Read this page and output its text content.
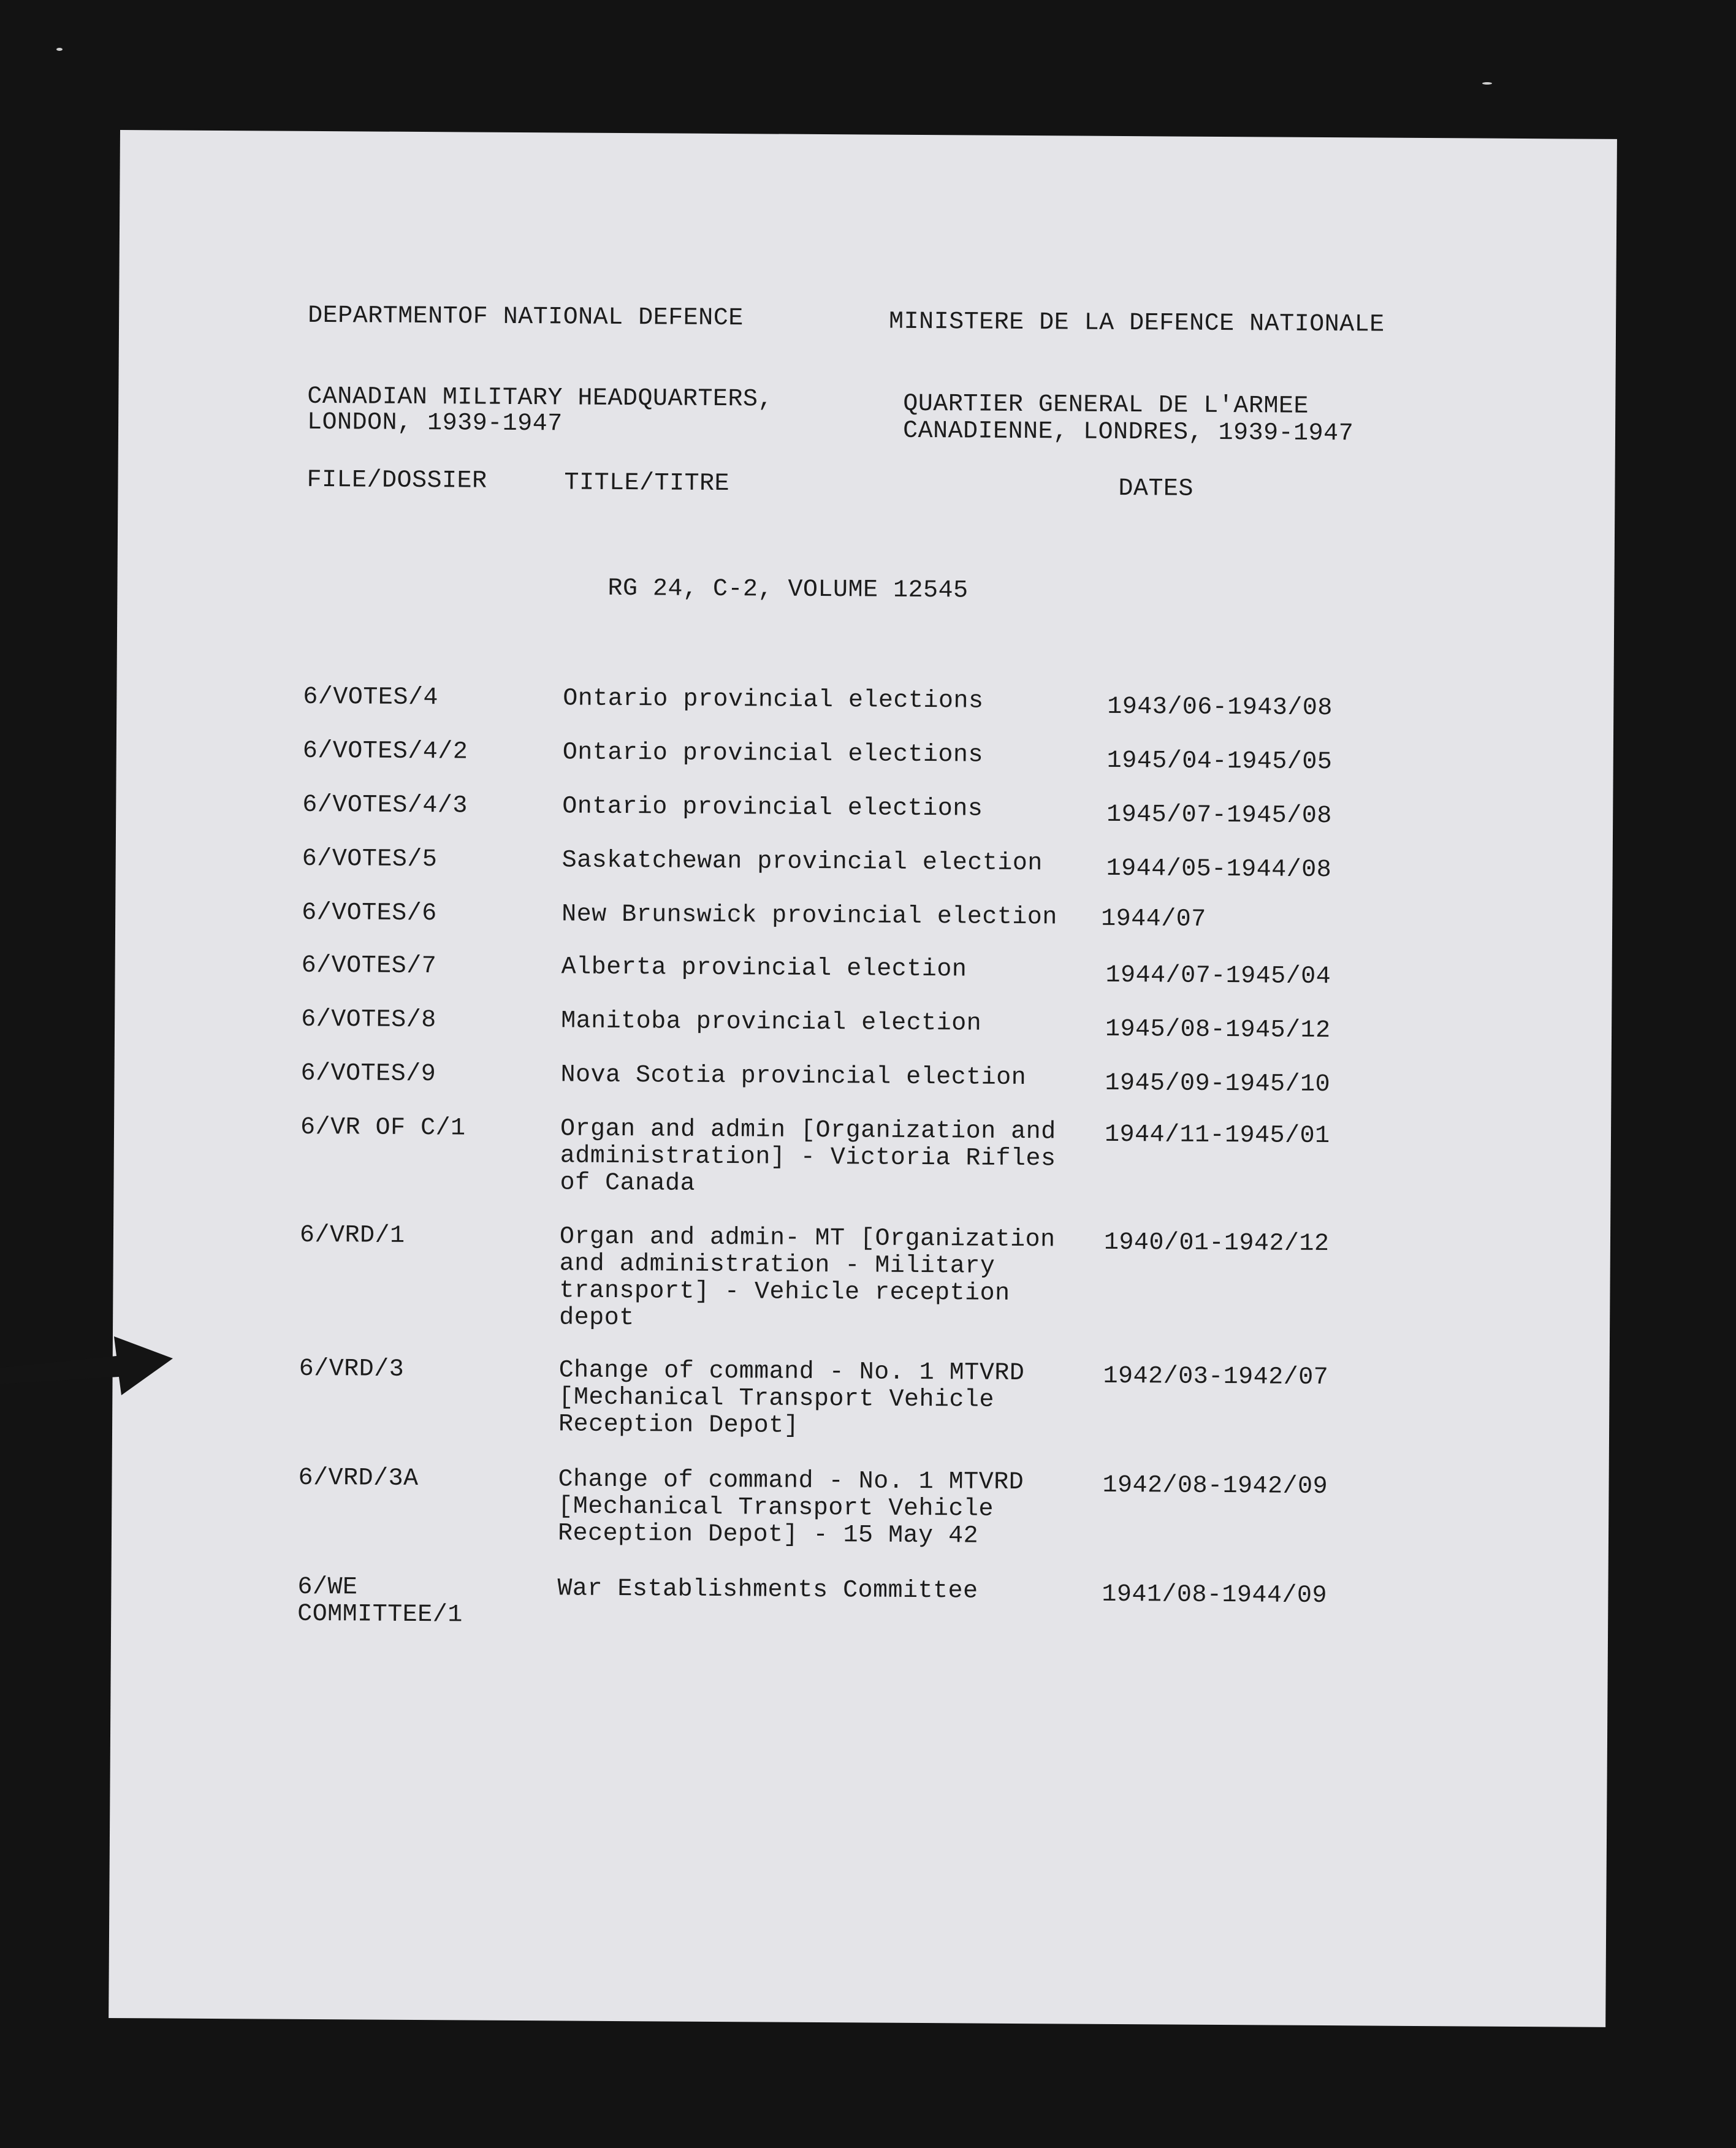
DEPARTMENTOF NATIONAL DEFENCE	MINISTERE DE LA DEFENCE NATIONALE
CANADIAN MILITARY HEADQUARTERS,
LONDON, 1939-1947
QUARTIER GENERAL DE L'ARMEE
CANADIENNE, LONDRES, 1939-1947
FILE/DOSSIER	TITLE/TITRE	DATES
RG 24, C-2, VOLUME 12545
6/VOTES/4	Ontario provincial elections	1943/06-1943/08
6/VOTES/4/2	Ontario provincial elections	1945/04-1945/05
6/VOTES/4/3	Ontario provincial elections	1945/07-1945/08
6/VOTES/5	Saskatchewan provincial election	1944/05-1944/08
6/VOTES/6	New Brunswick provincial election	1944/07
6/VOTES/7	Alberta provincial election	1944/07-1945/04
6/VOTES/8	Manitoba provincial election	1945/08-1945/12
6/VOTES/9	Nova Scotia provincial election	1945/09-1945/10
6/VR OF C/1	Organ and admin [Organization and
administration] - Victoria Rifles
of Canada
1944/11-1945/01
6/VRD/1	Organ and admin- MT [Organization
and administration - Military
transport] - Vehicle reception
depot
1940/01-1942/12
6/VRD/3	Change of command - No. 1 MTVRD
[Mechanical Transport Vehicle
Reception Depot]
1942/03-1942/07
6/VRD/3A	Change of command - No. 1 MTVRD
[Mechanical Transport Vehicle
Reception Depot] - 15 May 42
1942/08-1942/09
6/WE
COMMITTEE/1
War Establishments Committee	1941/08-1944/09
